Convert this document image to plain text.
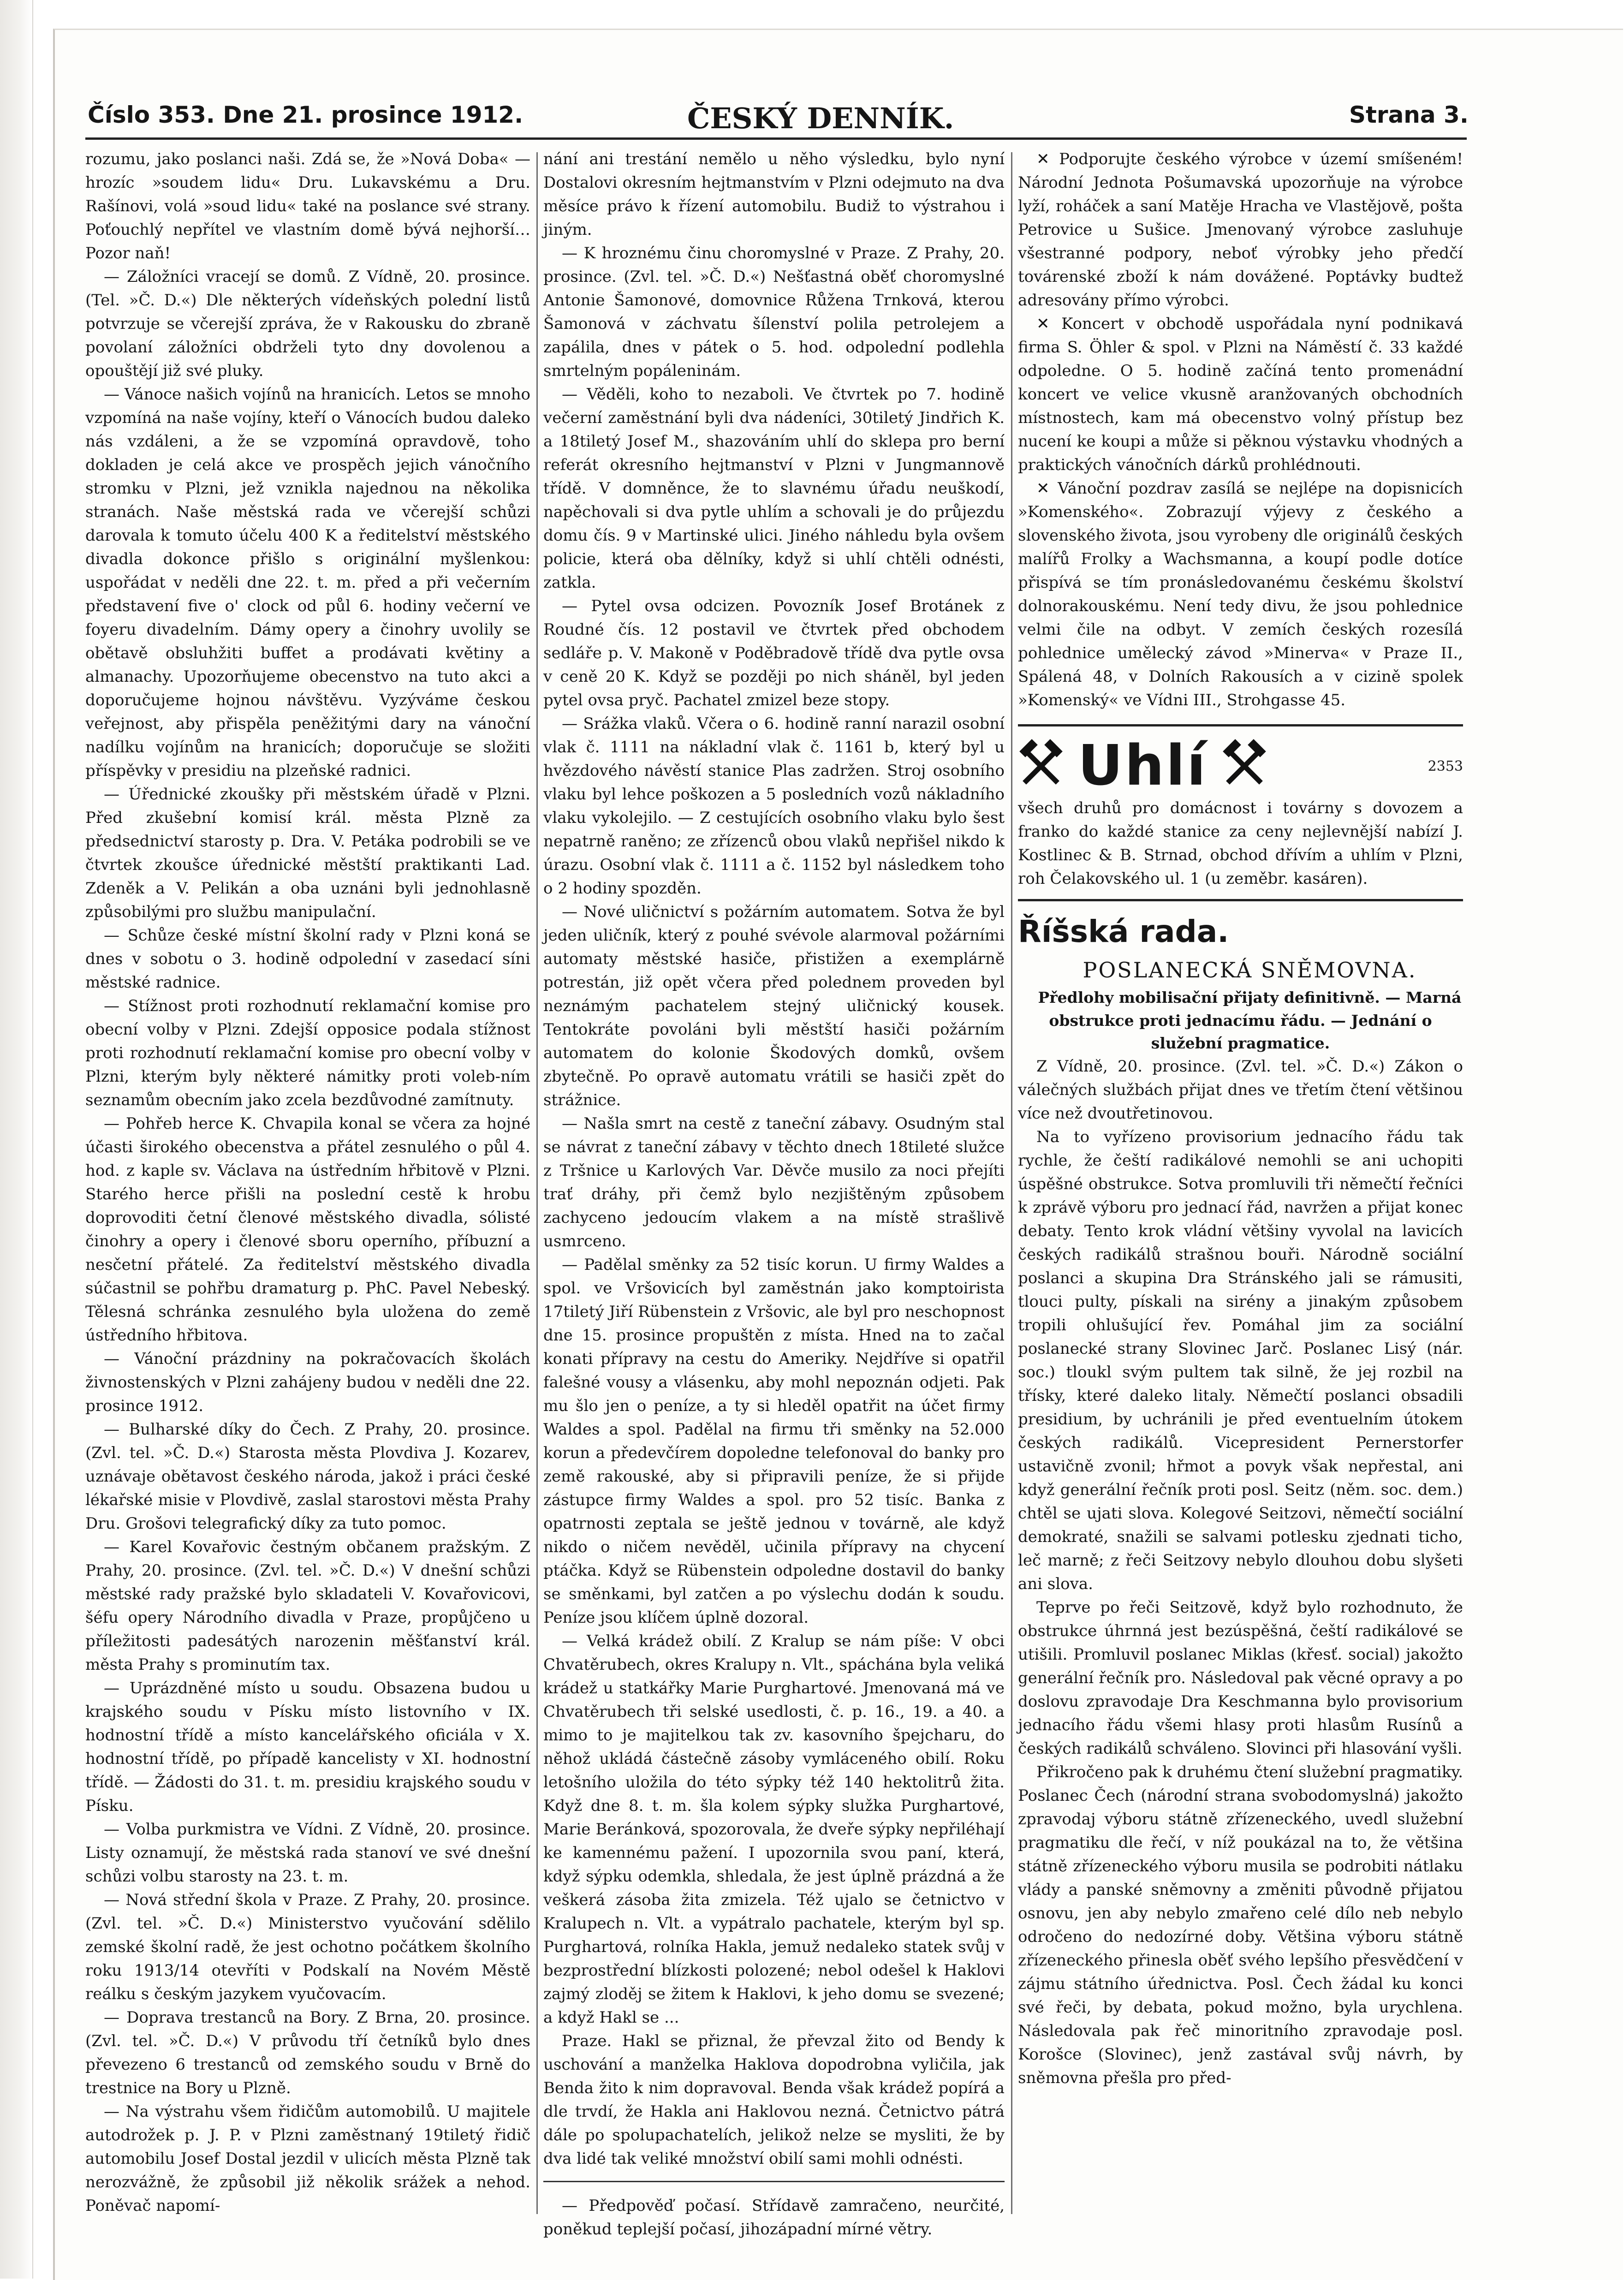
Číslo 353. Dne 21. prosince 1912.	ČESKÝ DENNÍK.	Strana 3.

rozumu, jako poslanci naši. Zdá se, že »Nová Doba« — hrozíc »soudem lidu« Dru. Lukavskému a Dru. Rašínovi, volá »soud lidu« také na poslance své strany. Poťouchlý nepřítel ve vlastním domě bývá nejhorší… Pozor naň!

— Záložníci vracejí se domů. Z Vídně, 20. prosince. (Tel. »Č. D.«) Dle některých vídeňských polední listů potvrzuje se včerejší zpráva, že v Rakousku do zbraně povolaní záložníci obdrželi tyto dny dovolenou a opouštějí již své pluky.

— Vánoce našich vojínů na hranicích. Letos se mnoho vzpomíná na naše vojíny, kteří o Vánocích budou daleko nás vzdáleni, a že se vzpomíná opravdově, toho dokladen je celá akce ve prospěch jejich vánočního stromku v Plzni, jež vznikla najednou na několika stranách. Naše městská rada ve včerejší schůzi darovala k tomuto účelu 400 K a ředitelství městského divadla dokonce přišlo s originální myšlenkou: uspořádat v neděli dne 22. t. m. před a při večerním představení five o' clock od půl 6. hodiny večerní ve foyeru divadelním. Dámy opery a činohry uvolily se obětavě obsluhžiti buffet a prodávati květiny a almanachy. Upozorňujeme obecenstvo na tuto akci a doporučujeme hojnou návštěvu. Vyzýváme českou veřejnost, aby přispěla peněžitými dary na vánoční nadílku vojínům na hranicích; doporučuje se složiti příspěvky v presidiu na plzeňské radnici.

— Úřednické zkoušky při městském úřadě v Plzni. Před zkušební komisí král. města Plzně za předsednictví starosty p. Dra. V. Petáka podrobili se ve čtvrtek zkoušce úřednické městští praktikanti Lad. Zdeněk a V. Pelikán a oba uznáni byli jednohlasně způsobilými pro službu manipulační.

— Schůze české místní školní rady v Plzni koná se dnes v sobotu o 3. hodině odpolední v zasedací síni městské radnice.

— Stížnost proti rozhodnutí reklamační komise pro obecní volby v Plzni. Zdejší opposice podala stížnost proti rozhodnutí reklamační komise pro obecní volby v Plzni, kterým byly některé námitky proti voleb-ním seznamům obecním jako zcela bezdůvodné zamítnuty.

— Pohřeb herce K. Chvapila konal se včera za hojné účasti širokého obecenstva a přátel zesnulého o půl 4. hod. z kaple sv. Václava na ústředním hřbitově v Plzni. Starého herce přišli na poslední cestě k hrobu doprovoditi četní členové městského divadla, sólisté činohry a opery i členové sboru operního, příbuzní a nesčetní přátelé. Za ředitelství městského divadla súčastnil se pohřbu dramaturg p. PhC. Pavel Nebeský. Tělesná schránka zesnulého byla uložena do země ústředního hřbitova.

— Vánoční prázdniny na pokračovacích školách živnostenských v Plzni zahájeny budou v neděli dne 22. prosince 1912.

— Bulharské díky do Čech. Z Prahy, 20. prosince. (Zvl. tel. »Č. D.«) Starosta města Plovdiva J. Kozarev, uznávaje obětavost českého národa, jakož i práci české lékařské misie v Plovdivě, zaslal starostovi města Prahy Dru. Grošovi telegrafický díky za tuto pomoc.

— Karel Kovařovic čestným občanem pražským. Z Prahy, 20. prosince. (Zvl. tel. »Č. D.«) V dnešní schůzi městské rady pražské bylo skladateli V. Kovařovicovi, šéfu opery Národního divadla v Praze, propůjčeno u příležitosti padesátých narozenin měšťanství král. města Prahy s prominutím tax.

— Uprázdněné místo u soudu. Obsazena budou u krajského soudu v Písku místo listovního v IX. hodnostní třídě a místo kancelářského oficiála v X. hodnostní třídě, po případě kancelisty v XI. hodnostní třídě. — Žádosti do 31. t. m. presidiu krajského soudu v Písku.

— Volba purkmistra ve Vídni. Z Vídně, 20. prosince. Listy oznamují, že městská rada stanoví ve své dnešní schůzi volbu starosty na 23. t. m.

— Nová střední škola v Praze. Z Prahy, 20. prosince. (Zvl. tel. »Č. D.«) Ministerstvo vyučování sdělilo zemské školní radě, že jest ochotno počátkem školního roku 1913/14 otevříti v Podskalí na Novém Městě reálku s českým jazykem vyučovacím.

— Doprava trestanců na Bory. Z Brna, 20. prosince. (Zvl. tel. »Č. D.«) V průvodu tří četníků bylo dnes převezeno 6 trestanců od zemského soudu v Brně do trestnice na Bory u Plzně.

— Na výstrahu všem řidičům automobilů. U majitele autodrožek p. J. P. v Plzni zaměstnaný 19tiletý řidič automobilu Josef Dostal jezdil v ulicích města Plzně tak nerozvážně, že způsobil již několik srážek a nehod. Poněvač napomí-

nání ani trestání nemělo u něho výsledku, bylo nyní Dostalovi okresním hejtmanstvím v Plzni odejmuto na dva měsíce právo k řízení automobilu. Budiž to výstrahou i jiným.

— K hroznému činu choromyslné v Praze. Z Prahy, 20. prosince. (Zvl. tel. »Č. D.«) Nešťastná oběť choromyslné Antonie Šamonové, domovnice Růžena Trnková, kterou Šamonová v záchvatu šílenství polila petrolejem a zapálila, dnes v pátek o 5. hod. odpolední podlehla smrtelným popáleninám.

— Věděli, koho to nezaboli. Ve čtvrtek po 7. hodině večerní zaměstnání byli dva nádeníci, 30tiletý Jindřich K. a 18tiletý Josef M., shazováním uhlí do sklepa pro berní referát okresního hejtmanství v Plzni v Jungmannově třídě. V domněnce, že to slavnému úřadu neuškodí, napěchovali si dva pytle uhlím a schovali je do průjezdu domu čís. 9 v Martinské ulici. Jiného náhledu byla ovšem policie, která oba dělníky, když si uhlí chtěli odnésti, zatkla.

— Pytel ovsa odcizen. Povozník Josef Brotánek z Roudné čís. 12 postavil ve čtvrtek před obchodem sedláře p. V. Makoně v Poděbradově třídě dva pytle ovsa v ceně 20 K. Když se později po nich sháněl, byl jeden pytel ovsa pryč. Pachatel zmizel beze stopy.

— Srážka vlaků. Včera o 6. hodině ranní narazil osobní vlak č. 1111 na nákladní vlak č. 1161 b, který byl u hvězdového návěstí stanice Plas zadržen. Stroj osobního vlaku byl lehce poškozen a 5 posledních vozů nákladního vlaku vykolejilo. — Z cestujících osobního vlaku bylo šest nepatrně raněno; ze zřízenců obou vlaků nepřišel nikdo k úrazu. Osobní vlak č. 1111 a č. 1152 byl následkem toho o 2 hodiny spozděn.

— Nové uličnictví s požárním automatem. Sotva že byl jeden uličník, který z pouhé svévole alarmoval požárními automaty městské hasiče, přistižen a exemplárně potrestán, již opět včera před polednem proveden byl neznámým pachatelem stejný uličnický kousek. Tentokráte povoláni byli městští hasiči požárním automatem do kolonie Škodových domků, ovšem zbytečně. Po opravě automatu vrátili se hasiči zpět do strážnice.

— Našla smrt na cestě z taneční zábavy. Osudným stal se návrat z taneční zábavy v těchto dnech 18tileté služce z Tršnice u Karlových Var. Děvče musilo za noci přejíti trať dráhy, při čemž bylo nezjištěným způsobem zachyceno jedoucím vlakem a na místě strašlivě usmrceno.

— Padělal směnky za 52 tisíc korun. U firmy Waldes a spol. ve Vršovicích byl zaměstnán jako komptoirista 17tiletý Jiří Rübenstein z Vršovic, ale byl pro neschopnost dne 15. prosince propuštěn z místa. Hned na to začal konati přípravy na cestu do Ameriky. Nejdříve si opatřil falešné vousy a vlásenku, aby mohl nepoznán odjeti. Pak mu šlo jen o peníze, a ty si hleděl opatřit na účet firmy Waldes a spol. Padělal na firmu tři směnky na 52.000 korun a předevčírem dopoledne telefonoval do banky pro země rakouské, aby si připravili peníze, že si přijde zástupce firmy Waldes a spol. pro 52 tisíc. Banka z opatrnosti zeptala se ještě jednou v továrně, ale když nikdo o ničem nevěděl, učinila přípravy na chycení ptáčka. Když se Rübenstein odpoledne dostavil do banky se směnkami, byl zatčen a po výslechu dodán k soudu. Peníze jsou klíčem úplně dozoral.

— Velká krádež obilí. Z Kralup se nám píše: V obci Chvatěrubech, okres Kralupy n. Vlt., spáchána byla veliká krádež u statkářky Marie Purghartové. Jmenovaná má ve Chvatěrubech tři selské usedlosti, č. p. 16., 19. a 40. a mimo to je majitelkou tak zv. kasovního špejcharu, do něhož ukládá částečně zásoby vymláceného obilí. Roku letošního uložila do této sýpky též 140 hektolitrů žita. Když dne 8. t. m. šla kolem sýpky služka Purghartové, Marie Beránková, spozorovala, že dveře sýpky nepřiléhají ke kamennému pažení. I upozornila svou paní, která, když sýpku odemkla, shledala, že jest úplně prázdná a že veškerá zásoba žita zmizela. Též ujalo se četnictvo v Kralupech n. Vlt. a vypátralo pachatele, kterým byl sp. Purghartová, rolníka Hakla, jemuž nedaleko statek svůj v bezprostřední blízkosti polozené; nebol odešel k Haklovi zajmý zloděj se žitem k Haklovi, k jeho domu se svezené; a když Hakl se ...

Praze. Hakl se přiznal, že převzal žito od Bendy k uschování a manželka Haklova dopodrobna vyličila, jak Benda žito k nim dopravoval. Benda však krádež popírá a dle trvdí, že Hakla ani Haklovou nezná. Četnictvo pátrá dále po spolupachatelích, jelikož nelze se mysliti, že by dva lidé tak veliké množství obilí sami mohli odnésti.

— Předpověď počasí. Střídavě zamračeno, neurčité, poněkud teplejší počasí, jihozápadní mírné větry.

✕ Podporujte českého výrobce v území smíšeném! Národní Jednota Pošumavská upozorňuje na výrobce lyží, roháček a saní Matěje Hracha ve Vlastějově, pošta Petrovice u Sušice. Jmenovaný výrobce zasluhuje všestranné podpory, neboť výrobky jeho předčí továrenské zboží k nám dovážené. Poptávky budtež adresovány přímo výrobci.

✕ Koncert v obchodě uspořádala nyní podnikavá firma S. Öhler & spol. v Plzni na Náměstí č. 33 každé odpoledne. O 5. hodině začíná tento promenádní koncert ve velice vkusně aranžovaných obchodních místnostech, kam má obecenstvo volný přístup bez nucení ke koupi a může si pěknou výstavku vhodných a praktických vánočních dárků prohlédnouti.

✕ Vánoční pozdrav zasílá se nejlépe na dopisnicích »Komenského«. Zobrazují výjevy z českého a slovenského života, jsou vyrobeny dle originálů českých malířů Frolky a Wachsmanna, a koupí podle dotíce přispívá se tím pronásledovanému českému školství dolnorakouskému. Není tedy divu, že jsou pohlednice velmi čile na odbyt. V zemích českých rozesílá pohlednice umělecký závod »Minerva« v Praze II., Spálená 48, v Dolních Rakousích a v cizině spolek »Komenský« ve Vídni III., Strohgasse 45.

Uhlí	2353

všech druhů pro domácnost i továrny s dovozem a franko do každé stanice za ceny nejlevnější nabízí J. Kostlinec & B. Strnad, obchod dřívím a uhlím v Plzni, roh Čelakovského ul. 1 (u zeměbr. kasáren).

Říšská rada.

POSLANECKÁ SNĚMOVNA.

Předlohy mobilisační přijaty definitivně. — Marná obstrukce proti jednacímu řádu. — Jednání o služební pragmatice.

Z Vídně, 20. prosince. (Zvl. tel. »Č. D.«) Zákon o válečných službách přijat dnes ve třetím čtení většinou více než dvoutřetinovou.

Na to vyřízeno provisorium jednacího řádu tak rychle, že čeští radikálové nemohli se ani uchopiti úspěšné obstrukce. Sotva promluvili tři němečtí řečníci k zprávě výboru pro jednací řád, navržen a přijat konec debaty. Tento krok vládní většiny vyvolal na lavicích českých radikálů strašnou bouři. Národně sociální poslanci a skupina Dra Stránského jali se rámusiti, tlouci pulty, pískali na sirény a jinakým způsobem tropili ohlušující řev. Pomáhal jim za sociální poslanecké strany Slovinec Jarč. Poslanec Lisý (nár. soc.) tloukl svým pultem tak silně, že jej rozbil na třísky, které daleko litaly. Němečtí poslanci obsadili presidium, by uchránili je před eventuelním útokem českých radikálů. Vicepresident Pernerstorfer ustavičně zvonil; hřmot a povyk však nepřestal, ani když generální řečník proti posl. Seitz (něm. soc. dem.) chtěl se ujati slova. Kolegové Seitzovi, němečtí sociální demokraté, snažili se salvami potlesku zjednati ticho, leč marně; z řeči Seitzovy nebylo dlouhou dobu slyšeti ani slova.

Teprve po řeči Seitzově, když bylo rozhodnuto, že obstrukce úhrnná jest bezúspěšná, čeští radikálové se utišili. Promluvil poslanec Miklas (křesť. social) jakožto generální řečník pro. Následoval pak věcné opravy a po doslovu zpravodaje Dra Keschmanna bylo provisorium jednacího řádu všemi hlasy proti hlasům Rusínů a českých radikálů schváleno. Slovinci při hlasování vyšli.

Přikročeno pak k druhému čtení služební pragmatiky. Poslanec Čech (národní strana svobodomyslná) jakožto zpravodaj výboru státně zřízeneckého, uvedl služební pragmatiku dle řečí, v níž poukázal na to, že většina státně zřízeneckého výboru musila se podrobiti nátlaku vlády a panské sněmovny a změniti původně přijatou osnovu, jen aby nebylo zmařeno celé dílo neb nebylo odročeno do nedozírné doby. Většina výboru státně zřízeneckého přinesla oběť svého lepšího přesvědčení v zájmu státního úřednictva. Posl. Čech žádal ku konci své řeči, by debata, pokud možno, byla urychlena. Následovala pak řeč minoritního zpravodaje posl. Korošce (Slovinec), jenž zastával svůj návrh, by sněmovna přešla pro před-
